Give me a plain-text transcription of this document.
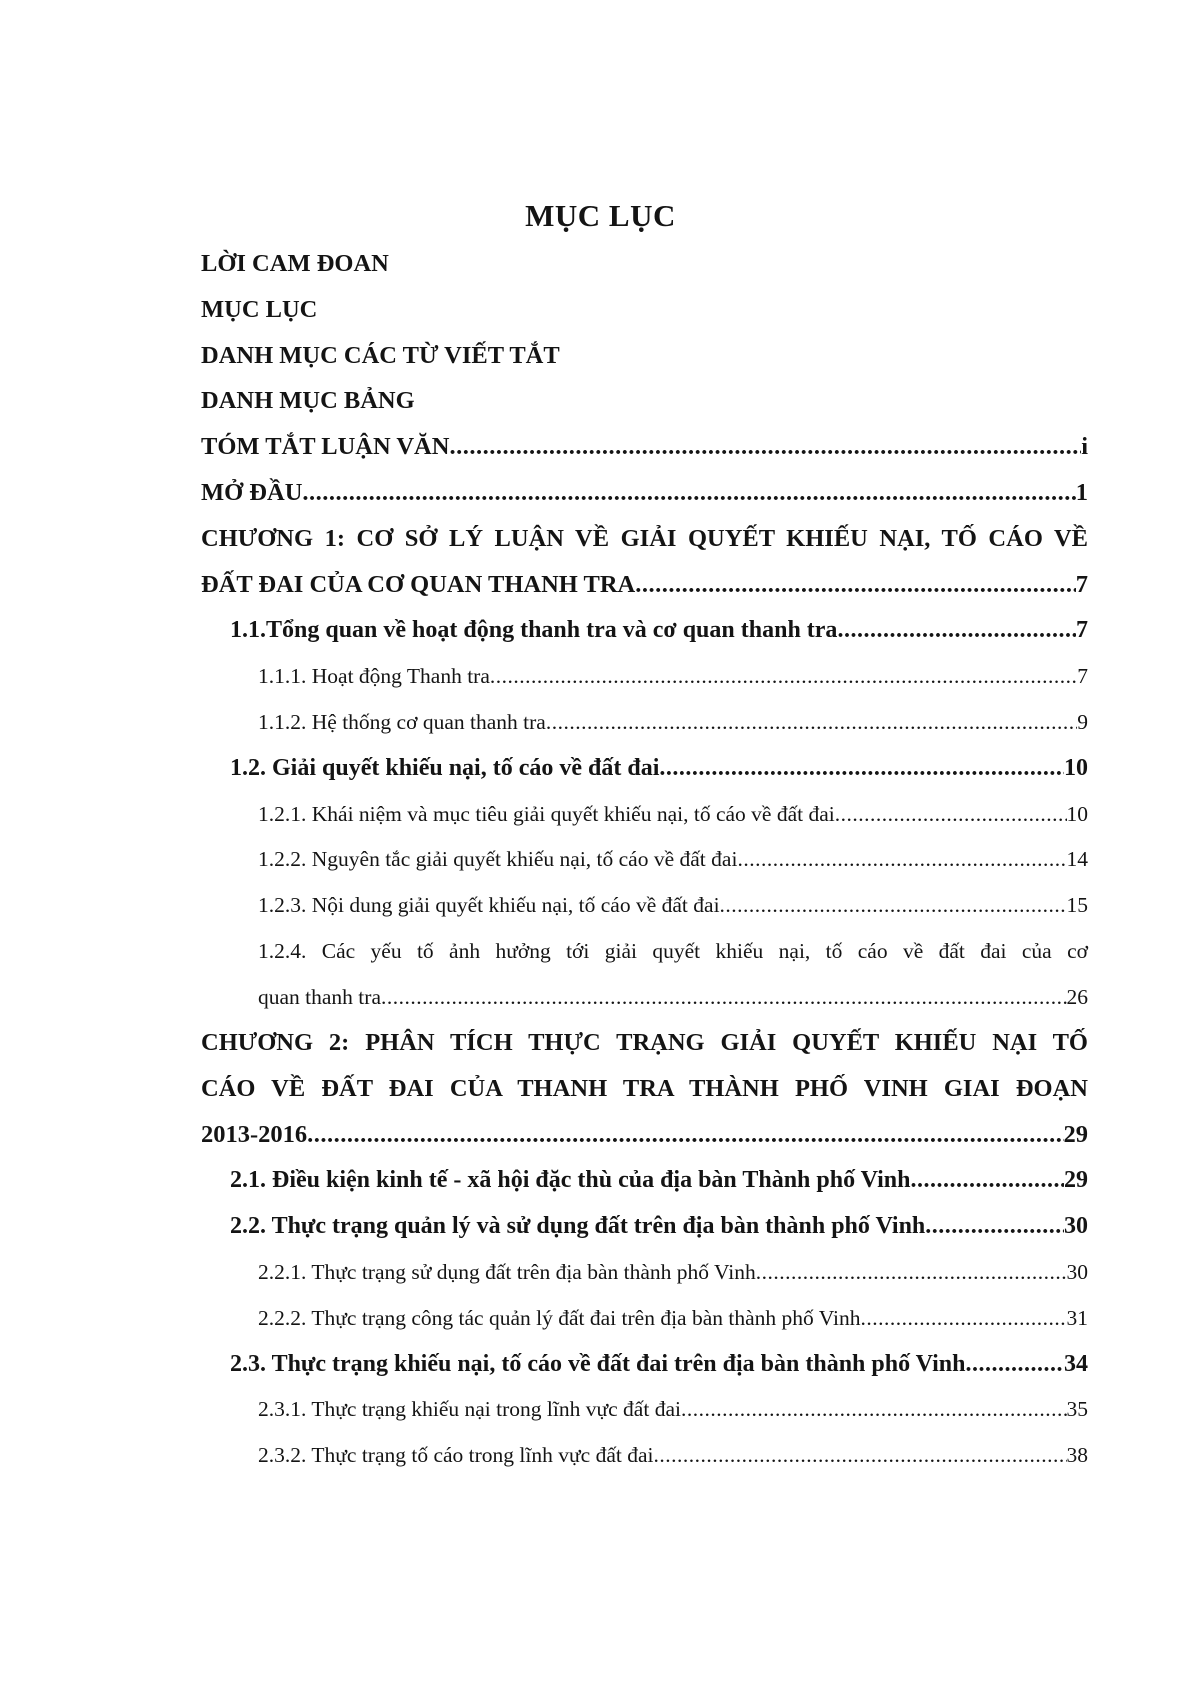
MỤC LỤC
LỜI CAM ĐOAN
MỤC LỤC
DANH MỤC CÁC TỪ VIẾT TẮT
DANH MỤC BẢNG
TÓM TẮT LUẬN VĂN .....	i
MỞ ĐẦU .....	1
CHƯƠNG 1: CƠ SỞ LÝ LUẬN VỀ GIẢI QUYẾT KHIẾU NẠI, TỐ CÁO VỀ
ĐẤT ĐAI CỦA CƠ QUAN THANH TRA .....	7
1.1.Tổng quan về hoạt động thanh tra và cơ quan thanh tra .....	7
1.1.1. Hoạt động Thanh tra .....	7
1.1.2. Hệ thống cơ quan thanh tra .....	9
1.2. Giải quyết khiếu nại, tố cáo về đất đai .....	10
1.2.1. Khái niệm và mục tiêu giải quyết khiếu nại, tố cáo về đất đai .....	10
1.2.2. Nguyên tắc giải quyết khiếu nại, tố cáo về đất đai .....	14
1.2.3. Nội dung giải quyết khiếu nại, tố cáo về đất đai .....	15
1.2.4. Các yếu tố ảnh hưởng tới giải quyết khiếu nại, tố cáo về đất đai của cơ
quan thanh tra .....	26
CHƯƠNG 2: PHÂN TÍCH THỰC TRẠNG GIẢI QUYẾT KHIẾU NẠI TỐ
CÁO VỀ ĐẤT ĐAI CỦA THANH TRA THÀNH PHỐ VINH GIAI ĐOẠN
2013-2016 .....	29
2.1. Điều kiện kinh tế - xã hội đặc thù của địa bàn Thành phố Vinh .....	29
2.2. Thực trạng quản lý và sử dụng đất trên địa bàn thành phố Vinh .....	30
2.2.1. Thực trạng sử dụng đất trên địa bàn thành phố Vinh .....	30
2.2.2. Thực trạng công tác quản lý đất đai trên địa bàn thành phố Vinh .....	31
2.3. Thực trạng khiếu nại, tố cáo về đất đai trên địa bàn thành phố Vinh .....	34
2.3.1. Thực trạng khiếu nại trong lĩnh vực đất đai .....	35
2.3.2. Thực trạng tố cáo trong lĩnh vực đất đai .....	38
